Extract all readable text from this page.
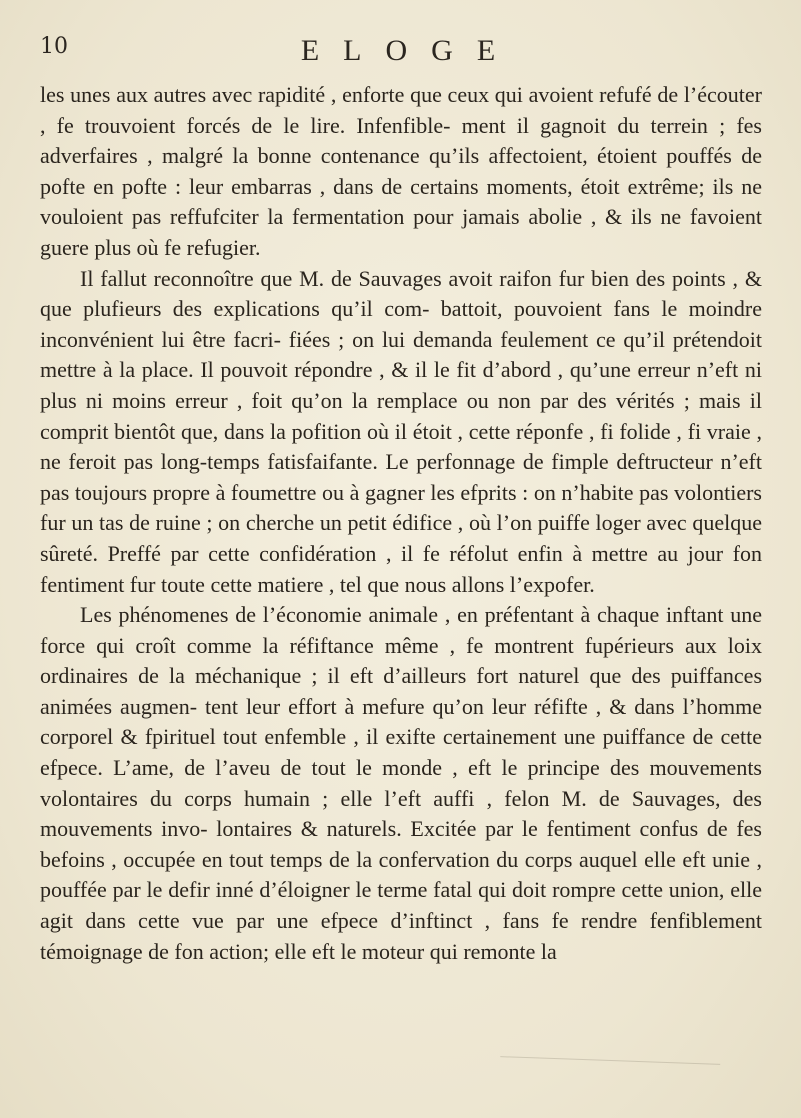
10	ELOGE

les unes aux autres avec rapidité , enforte que ceux qui avoient refufé de l’écouter , fe trouvoient forcés de le lire. Infenfible- ment il gagnoit du terrein ; fes adverfaires , malgré la bonne contenance qu’ils affectoient, étoient pouffés de pofte en pofte : leur embarras , dans de certains moments, étoit extrême; ils ne vouloient pas reffufciter la fermentation pour jamais abolie , & ils ne favoient guere plus où fe refugier.

Il fallut reconnoître que M. de Sauvages avoit raifon fur bien des points , & que plufieurs des explications qu’il com- battoit, pouvoient fans le moindre inconvénient lui être facri- fiées ; on lui demanda feulement ce qu’il prétendoit mettre à la place. Il pouvoit répondre , & il le fit d’abord , qu’une erreur n’eft ni plus ni moins erreur , foit qu’on la remplace ou non par des vérités ; mais il comprit bientôt que, dans la pofition où il étoit , cette réponfe , fi folide , fi vraie , ne feroit pas long-temps fatisfaifante. Le perfonnage de fimple deftructeur n’eft pas toujours propre à foumettre ou à gagner les efprits : on n’habite pas volontiers fur un tas de ruine ; on cherche un petit édifice , où l’on puiffe loger avec quelque sûreté. Preffé par cette confidération , il fe réfolut enfin à mettre au jour fon fentiment fur toute cette matiere , tel que nous allons l’expofer.

Les phénomenes de l’économie animale , en préfentant à chaque inftant une force qui croît comme la réfiftance même , fe montrent fupérieurs aux loix ordinaires de la méchanique ; il eft d’ailleurs fort naturel que des puiffances animées augmen- tent leur effort à mefure qu’on leur réfifte , & dans l’homme corporel & fpirituel tout enfemble , il exifte certainement une puiffance de cette efpece. L’ame, de l’aveu de tout le monde , eft le principe des mouvements volontaires du corps humain ; elle l’eft auffi , felon M. de Sauvages, des mouvements invo- lontaires & naturels. Excitée par le fentiment confus de fes befoins , occupée en tout temps de la confervation du corps auquel elle eft unie , pouffée par le defir inné d’éloigner le terme fatal qui doit rompre cette union, elle agit dans cette vue par une efpece d’inftinct , fans fe rendre fenfiblement témoignage de fon action; elle eft le moteur qui remonte la
